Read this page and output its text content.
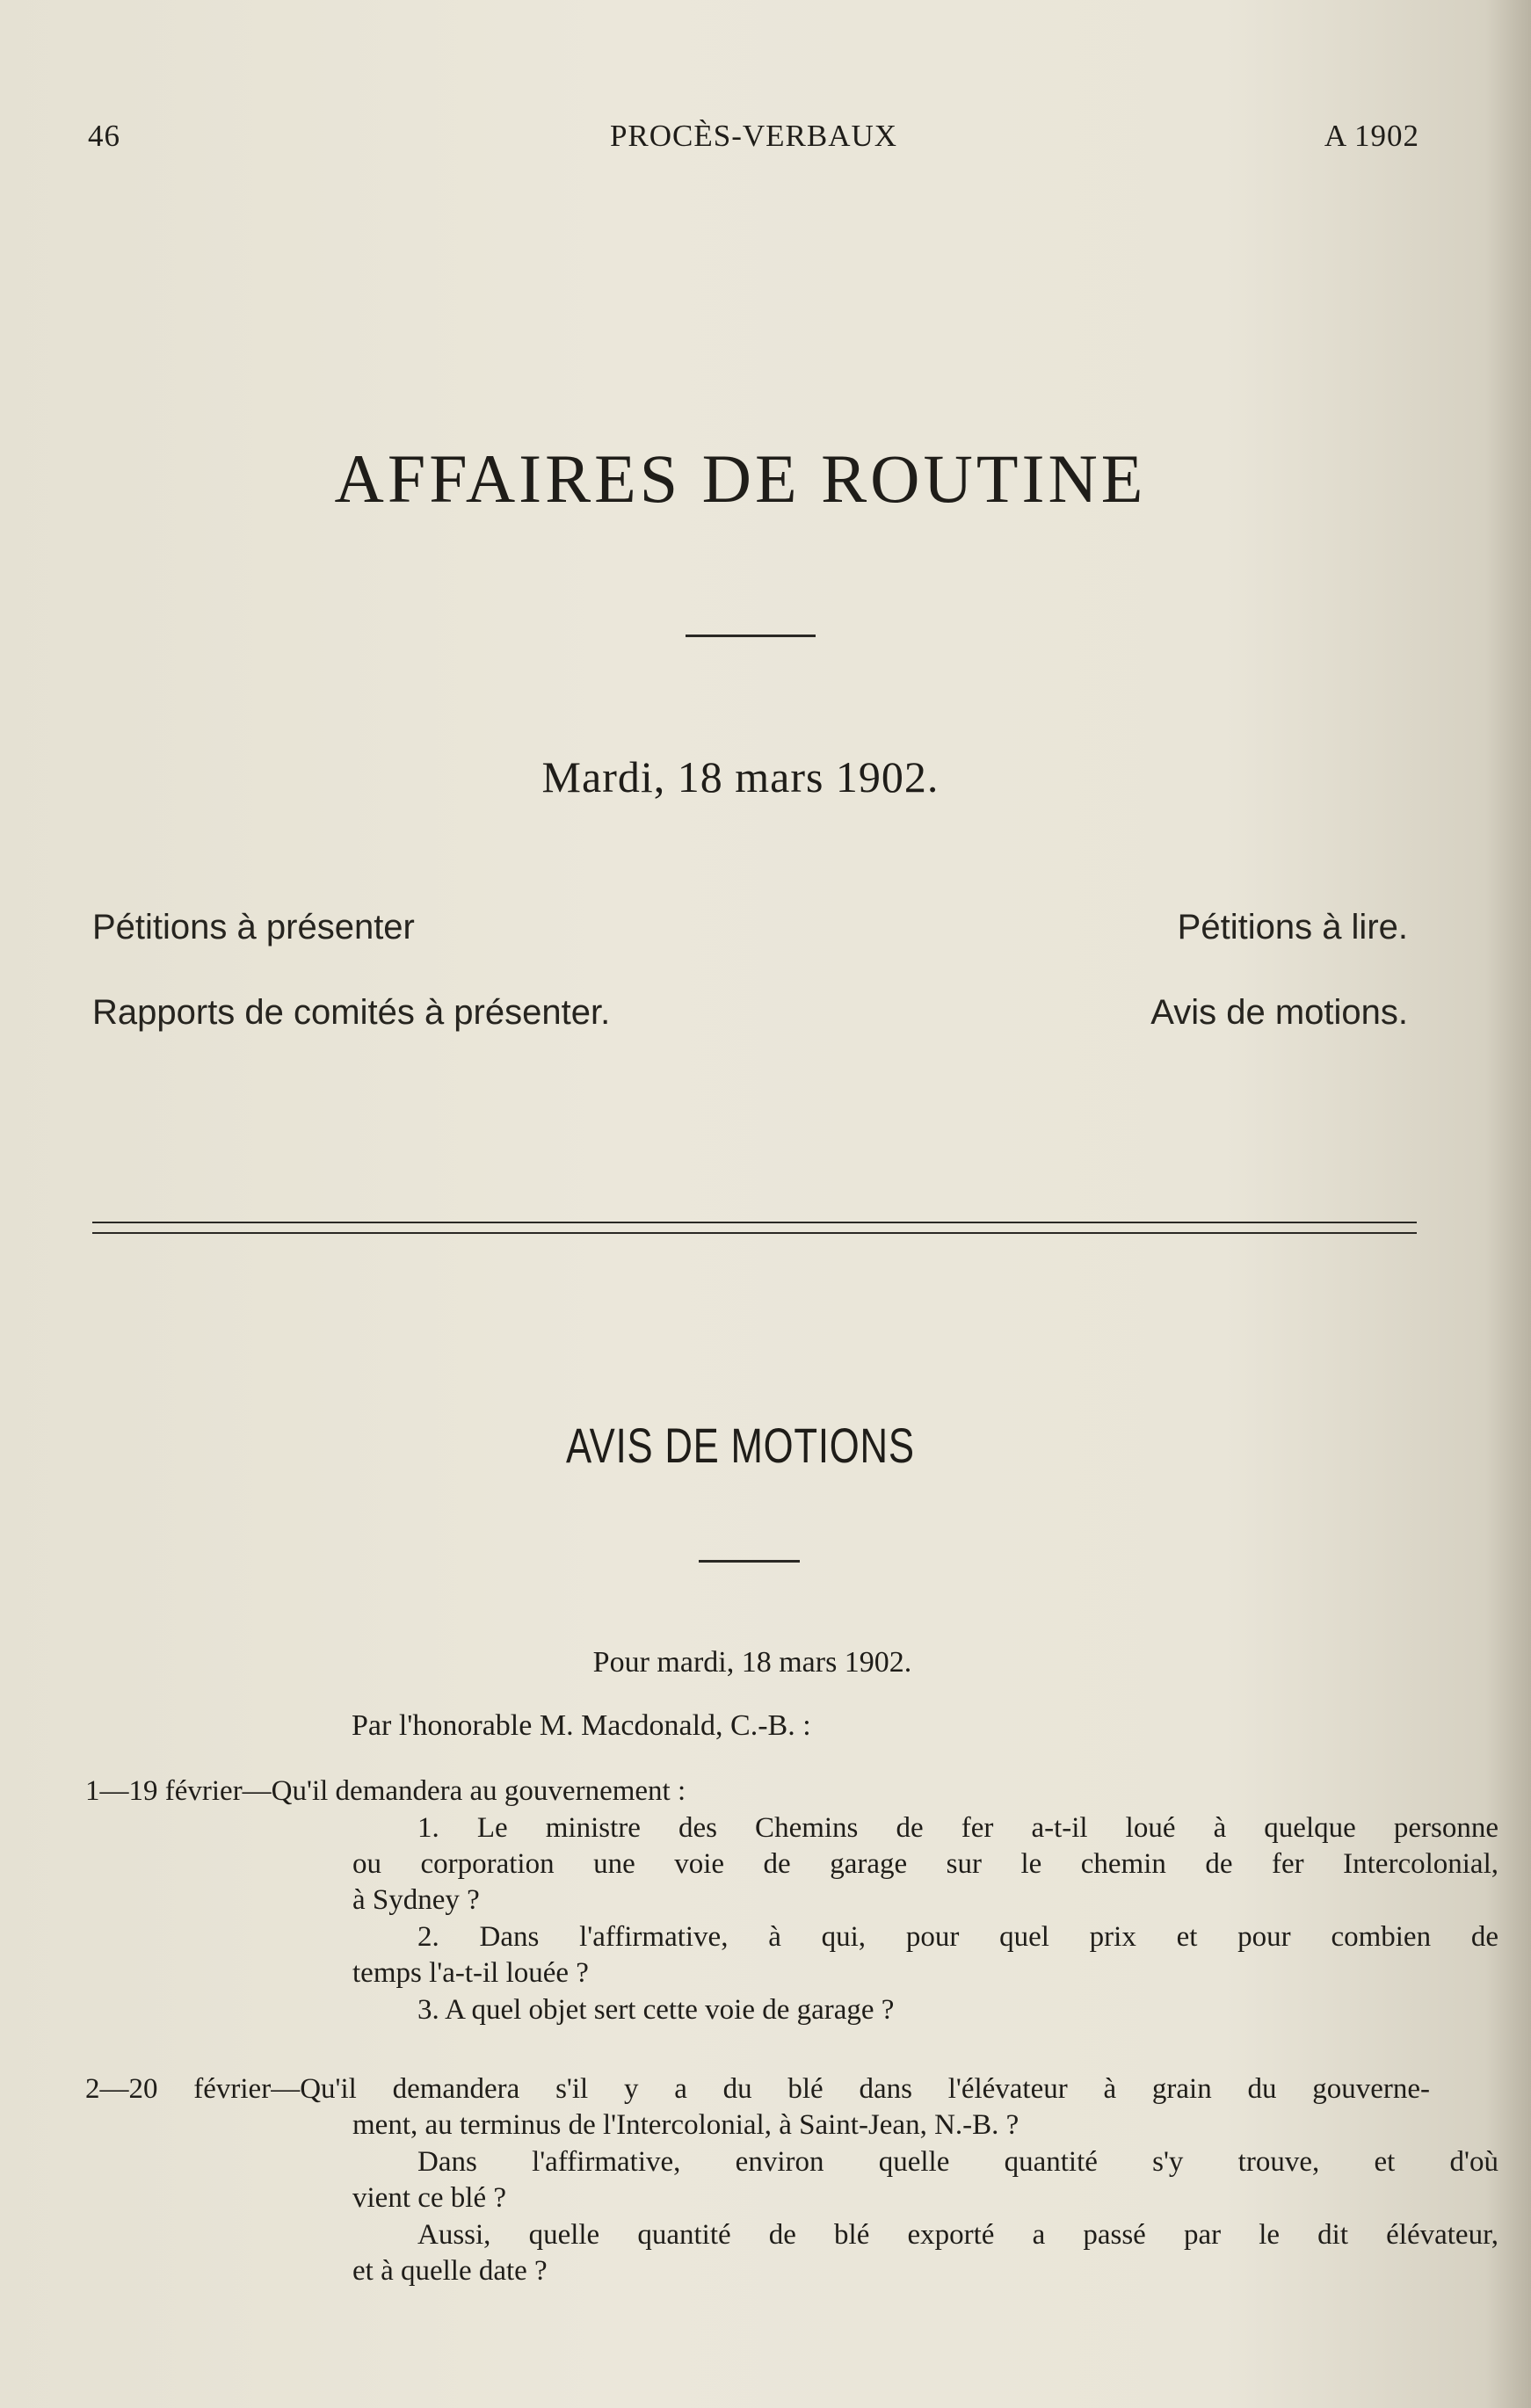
46	PROCÈS-VERBAUX	A 1902
AFFAIRES DE ROUTINE
Mardi, 18 mars 1902.
Pétitions à présenter
Rapports de comités à présenter.
Pétitions à lire.
Avis de motions.
AVIS DE MOTIONS
Pour mardi, 18 mars 1902.
Par l'honorable M. Macdonald, C.-B. :
1—19 février—Qu'il demandera au gouvernement :
1. Le ministre des Chemins de fer a-t-il loué à quelque personne
ou corporation une voie de garage sur le chemin de fer Intercolonial,
à Sydney ?
2. Dans l'affirmative, à qui, pour quel prix et pour combien de
temps l'a-t-il louée ?
3. A quel objet sert cette voie de garage ?
2—20 février—Qu'il demandera s'il y a du blé dans l'élévateur à grain du gouverne-
ment, au terminus de l'Intercolonial, à Saint-Jean, N.-B. ?
Dans l'affirmative, environ quelle quantité s'y trouve, et d'où
vient ce blé ?
Aussi, quelle quantité de blé exporté a passé par le dit élévateur,
et à quelle date ?
